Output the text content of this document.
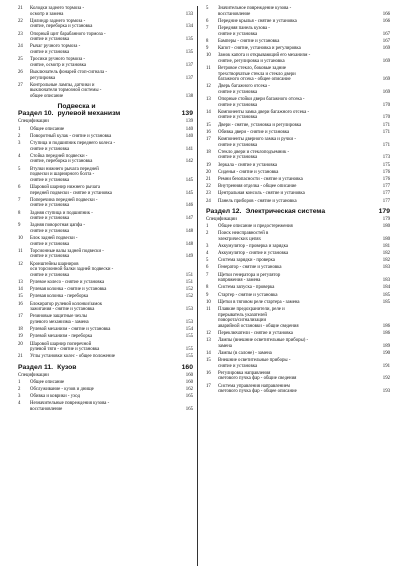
21	Колодки заднего тормоза -
осмотр и замена	133
22	Цилиндр заднего тормоза -
снятие, переборка и установка	134
23	Опорный щит барабанного тормоза -
снятие и установка	135
24	Рычаг ручного тормоза -
снятие и установка	135
25	Тросики ручного тормоза -
снятие, осмотр и установка	137
26	Выключатель фонарей стоп-сигнала -
регулировка	137
27	Контрольные лампы, датчики и
выключатели тормозной системы -
общее описание	138
Раздел 10.
Подвеска и
рулевой механизм	139
Спецификации	139
1	Общее описание	140
2	Поворотный кулак - снятие и установка	140
3	Ступица и подшипник переднего колеса -
снятие и установка	141
4	Стойка передней подвески -
снятие, переборка и установка	142
5	Втулки нижнего рычага передней
подвески и шарнирного болта -
снятие и установка	145
6	Шаровой шарнир нижнего рычага
передней подвески - снятие и установка	145
7	Поперечина передней подвески -
снятие и установка	146
8	Задняя ступица и подшипник -
снятие и установка	147
9	Задняя поворотная цапфа -
снятие и установка	148
10	Блок задней подвески -
снятие и установка	148
11	Торсионные валы задней подвески -
снятие и установка	149
12	Кронштейны шарниров
оси торсионной балки задней подвески -
снятие и установка	151
13	Рулевое колесо - снятие и установка	151
14	Рулевая колонка - снятие и установка	152
15	Рулевая колонка - переборка	152
16	Блокиратор рулевой колонки/замок
зажигания - снятие и установка	153
17	Резиновые защитные чехлы
рулевого механизма - замена	153
18	Рулевой механизм - снятие и установка	154
19	Рулевой механизм - переборка	155
20	Шаровой шарнир поперечной
рулевой тяги - снятие и установка	155
21	Углы установки колес - общее положение	155
Раздел 11. Кузов	160
Спецификации	160
1	Общее описание	160
2	Обслуживание - кузов и днище	162
3	Обивка и коврики - уход	165
4	Незначительные повреждения кузова -
восстановление	165
5	Значительное повреждение кузова -
восстановление	166
6	Передние крылья - снятие и установка	166
7	Передняя панель кузова -
снятие и установка	167
8	Бамперы - снятие и установка	167
9	Капот - снятие, установка и регулировка	169
10	Замок капота и открывающий его механизм -
снятие, регулировка и установка	169
11	Ветровое стекло, боковые задние
трехстворчатые стекла и стекло двери
багажного отсека - общее описание	169
12	Дверь багажного отсека -
снятие и установка	169
13	Опорные стойки двери багажного отсека -
снятие и установка	170
14	Компоненты замка двери багажного отсека -
снятие и установка	170
15	Двери - снятие, установка и регулировка	171
16	Обивка двери - снятие и установка	171
17	Компоненты дверного замка и ручки -
снятие и установка	171
18	Стекло двери и стеклоподъемник -
снятие и установка	173
19	Зеркала - снятие и установка	175
20	Сиденья - снятие и установка	176
21	Ремни безопасности - снятие и установка	176
22	Внутренняя отделка - общее описание	177
23	Центральная консоль - снятие и установка	177
24	Панель приборов - снятие и установка	177
Раздел 12. Электрическая система	179
Спецификации	179
1	Общее описание и предостережения	180
2	Поиск неисправностей в
электрических цепях	180
3	Аккумулятор - проверка и зарядка	181
4	Аккумулятор - снятие и установка	182
5	Система зарядки - проверка	182
6	Генератор - снятие и установка	183
7	Щетки генератора и регулятор
напряжения - замена	183
8	Система запуска - проверка	184
9	Стартер - снятие и установка	185
10	Щетки в тяговом реле стартера - замена	185
11	Плавкие предохранители, реле и
прерыватель указателей
поворота/сигнализации
аварийной остановки - общие сведения	186
12	Переключатели - снятие и установка	186
13	Лампы (внешние осветительные приборы) -
замена	189
14	Лампы (в салоне) - замена	190
15	Внешние осветительные приборы -
снятие и установка	191
16	Регулировка направления
светового пучка фар - общие сведения	192
17	Система управления направлением
светового пучка фар - общее описание	193
